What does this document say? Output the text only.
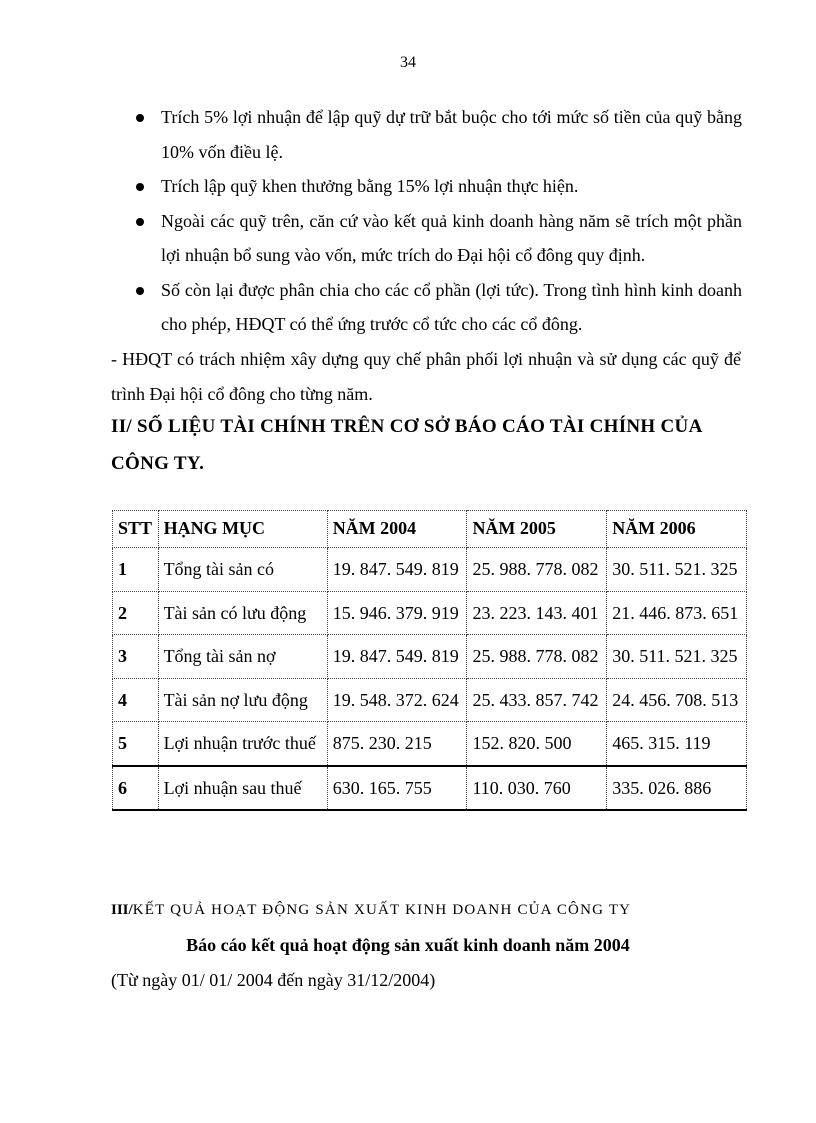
34
Trích 5% lợi nhuận để lập quỹ dự trữ bắt buộc cho tới mức số tiền của quỹ bằng 10% vốn điều lệ.
Trích lập quỹ khen thưởng bằng 15% lợi nhuận thực hiện.
Ngoài các quỹ trên, căn cứ vào kết quả kinh doanh hàng năm sẽ trích một phần lợi nhuận bổ sung vào vốn, mức trích do Đại hội cổ đông quy định.
Số còn lại được phân chia cho các cổ phần (lợi tức). Trong tình hình kinh doanh cho phép, HĐQT có thể ứng trước cổ tức cho các cổ đông.
- HĐQT có trách nhiệm xây dựng quy chế phân phối lợi nhuận và sử dụng các quỹ để trình Đại hội cổ đông cho từng năm.
II/ SỐ LIỆU TÀI CHÍNH TRÊN CƠ SỞ BÁO CÁO TÀI CHÍNH CỦA CÔNG TY.
STT	HẠNG MỤC	NĂM 2004	NĂM 2005	NĂM 2006
1	Tổng tài sản có	19. 847. 549. 819	25. 988. 778. 082	30. 511. 521. 325
2	Tài sản có lưu động	15. 946. 379. 919	23. 223. 143. 401	21. 446. 873. 651
3	Tổng tài sản nợ	19. 847. 549. 819	25. 988. 778. 082	30. 511. 521. 325
4	Tài sản nợ lưu động	19. 548. 372. 624	25. 433. 857. 742	24. 456. 708. 513
5	Lợi nhuận trước thuế	875. 230. 215	152. 820. 500	465. 315. 119
6	Lợi nhuận sau thuế	630. 165. 755	110. 030. 760	335. 026. 886
III/KẾT QUẢ HOẠT ĐỘNG SẢN XUẤT KINH DOANH CỦA CÔNG TY
Báo cáo kết quả hoạt động sản xuất kinh doanh năm 2004
(Từ ngày 01/ 01/ 2004 đến ngày 31/12/2004)
